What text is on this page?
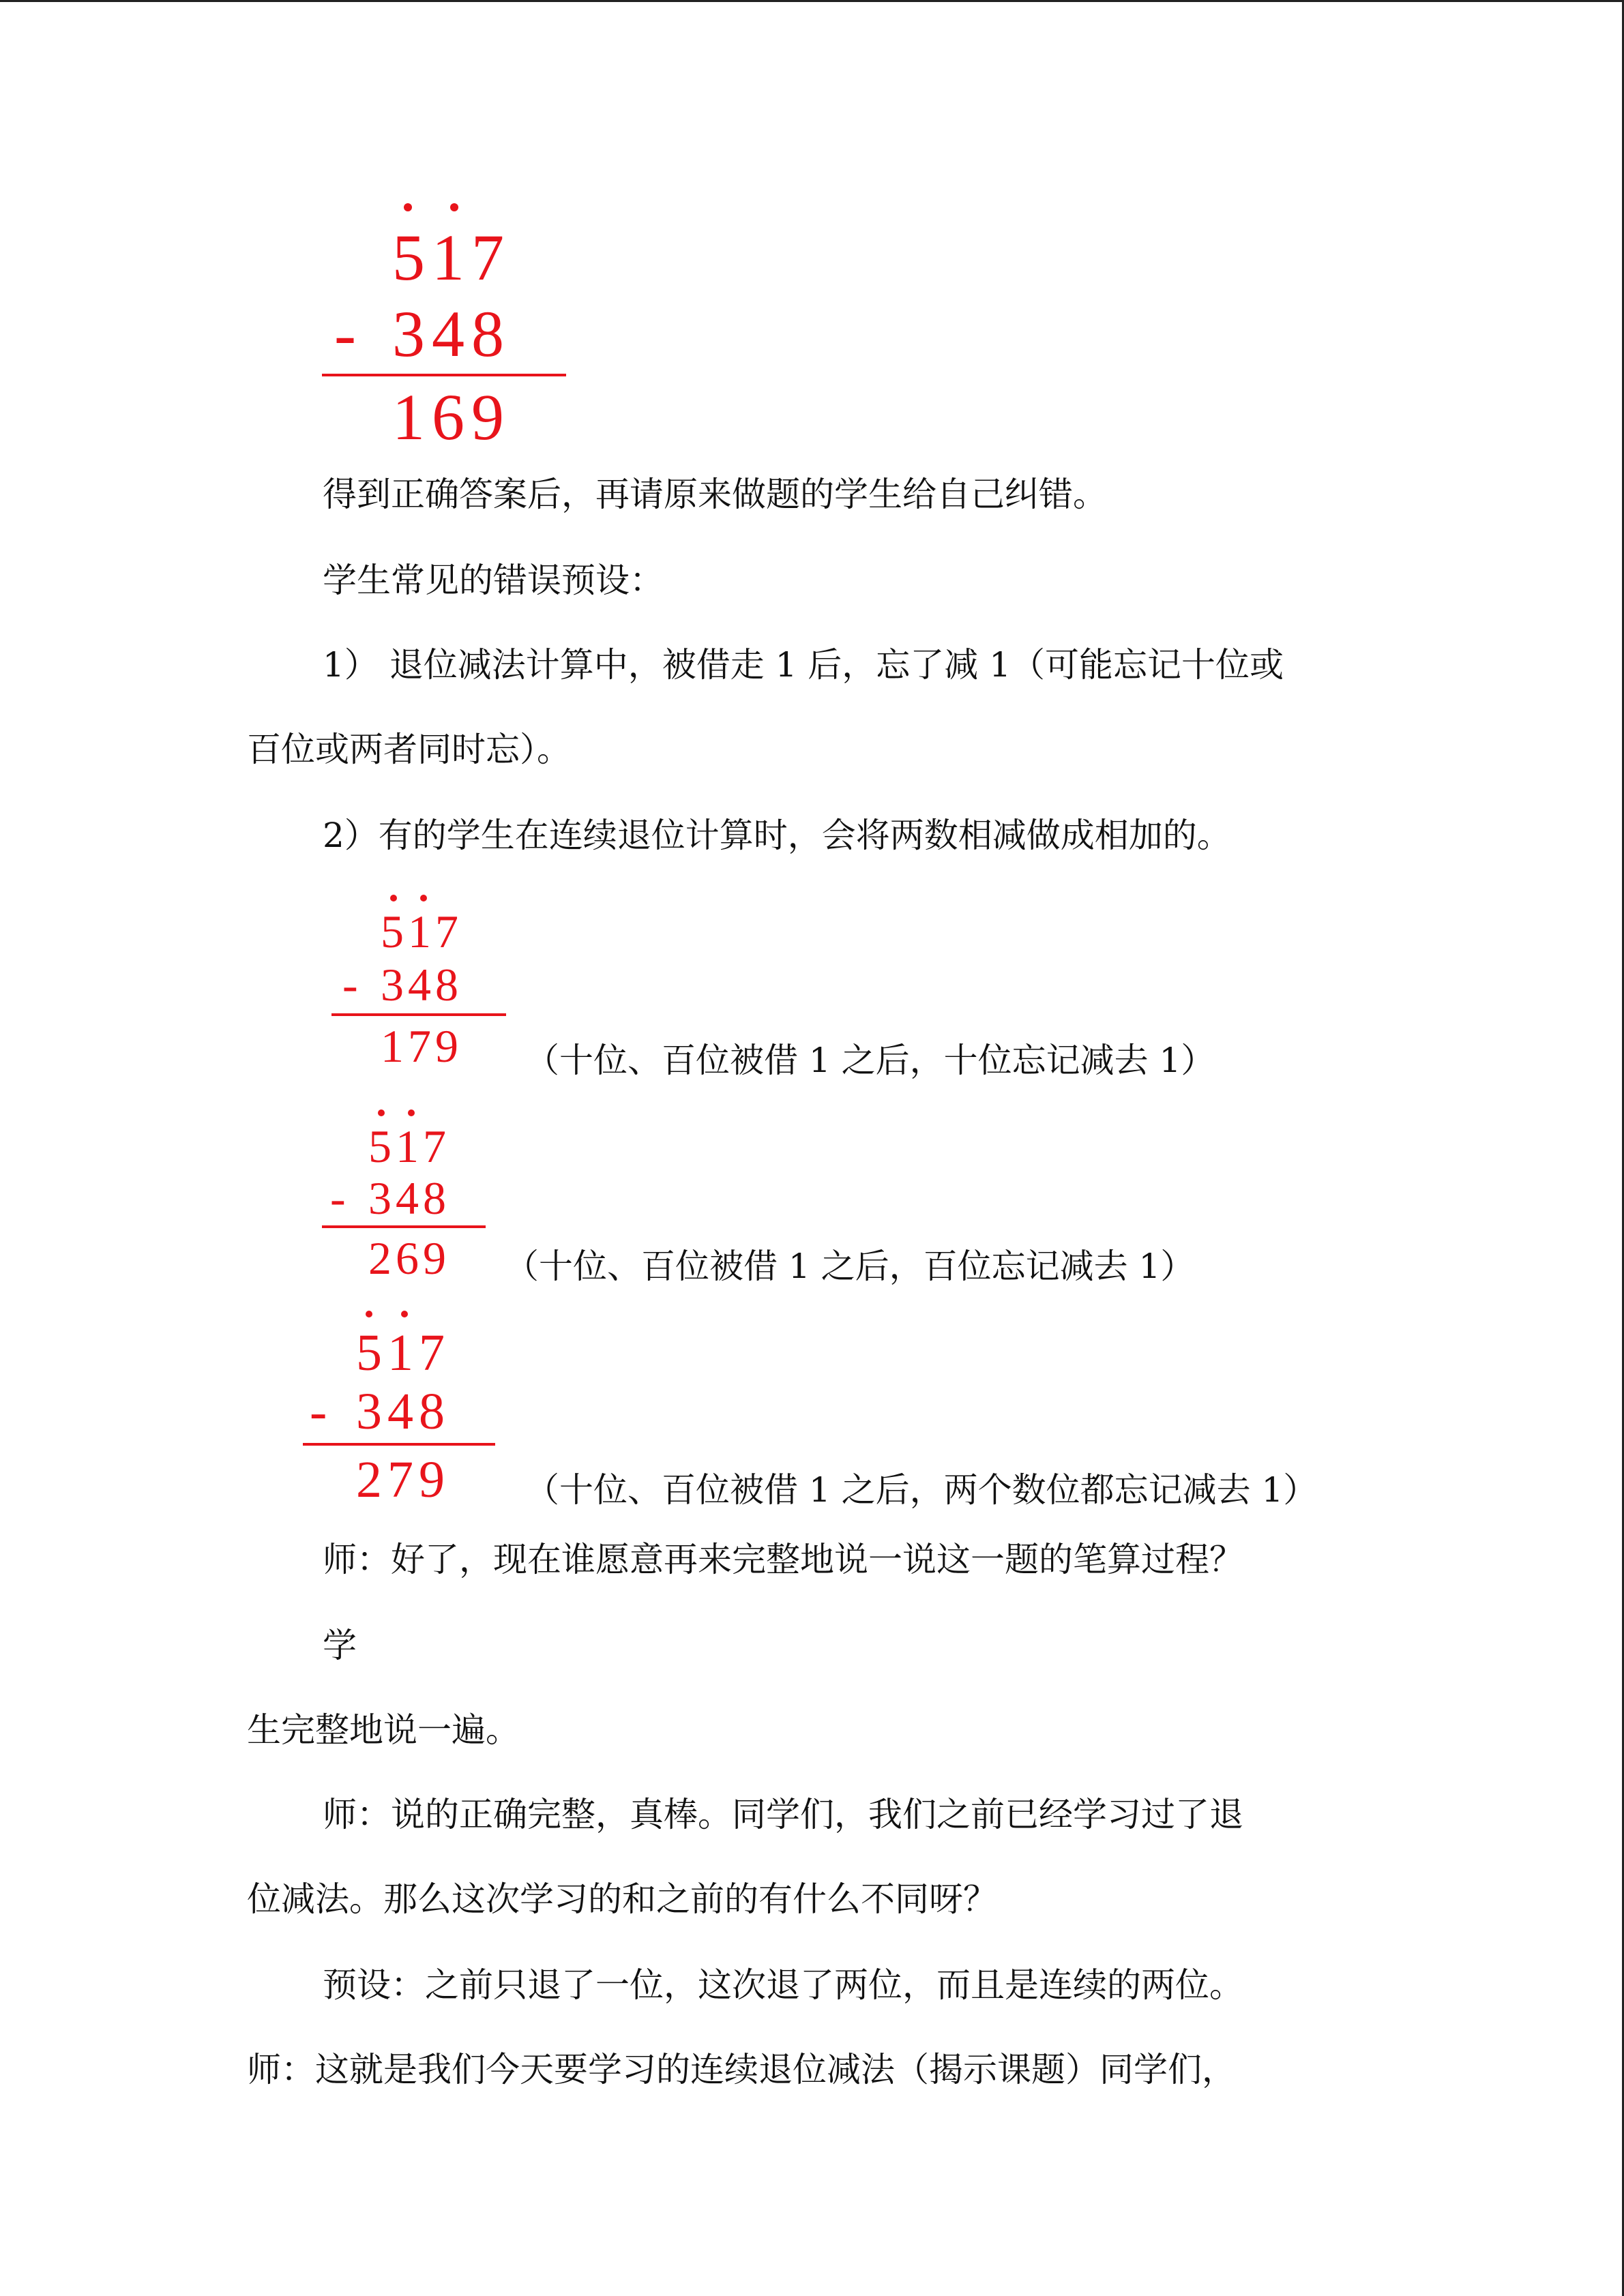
517
- 348
169
得到正确答案后，再请原来做题的学生给自己纠错。
学生常见的错误预设：
1） 退位减法计算中，被借走 1 后，忘了减 1（可能忘记十位或
百位或两者同时忘）。
2）有的学生在连续退位计算时，会将两数相减做成相加的。
517
- 348
179 （十位、百位被借 1 之后，十位忘记减去 1）
517
- 348
269 （十位、百位被借 1 之后，百位忘记减去 1）
517
- 348
279 （十位、百位被借 1 之后，两个数位都忘记减去 1）
师：好了，现在谁愿意再来完整地说一说这一题的笔算过程？
学
生完整地说一遍。
师：说的正确完整，真棒。同学们，我们之前已经学习过了退
位减法。那么这次学习的和之前的有什么不同呀？
预设：之前只退了一位，这次退了两位，而且是连续的两位。
师：这就是我们今天要学习的连续退位减法（揭示课题）同学们，
